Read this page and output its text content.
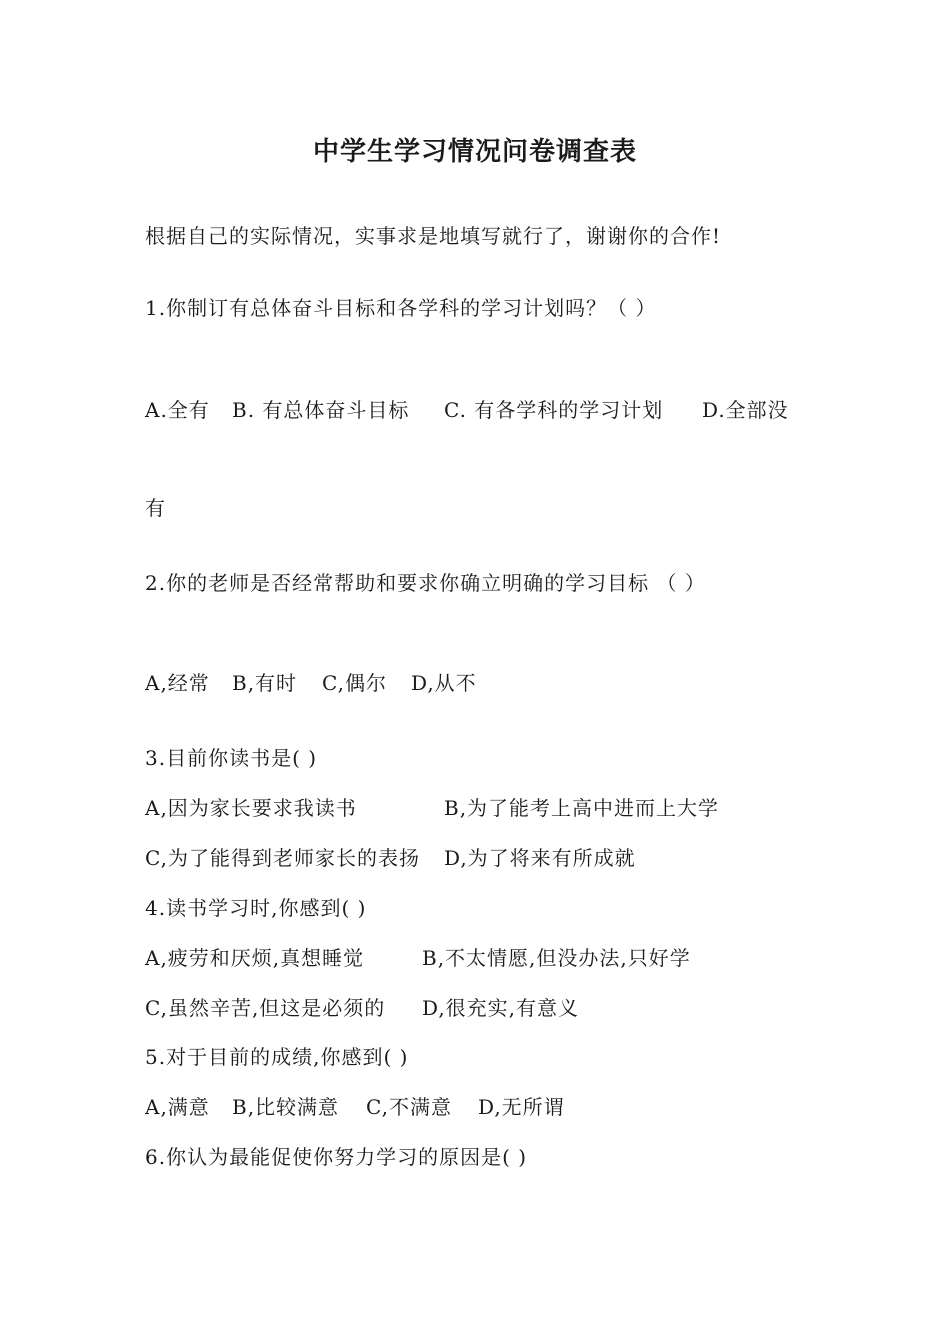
中学生学习情况问卷调查表
根据自己的实际情况，实事求是地填写就行了，谢谢你的合作!
1.你制订有总体奋斗目标和各学科的学习计划吗？（ ）
A.全有 B. 有总体奋斗目标 C. 有各学科的学习计划 D.全部没
有
2.你的老师是否经常帮助和要求你确立明确的学习目标 （ ）
A,经常 B,有时 C,偶尔 D,从不
3.目前你读书是( )
A,因为家长要求我读书	B,为了能考上高中进而上大学
C,为了能得到老师家长的表扬 D,为了将来有所成就
4.读书学习时,你感到( )
A,疲劳和厌烦,真想睡觉	B,不太情愿,但没办法,只好学
C,虽然辛苦,但这是必须的 D,很充实,有意义
5.对于目前的成绩,你感到( )
A,满意 B,比较满意 C,不满意 D,无所谓
6.你认为最能促使你努力学习的原因是( )
